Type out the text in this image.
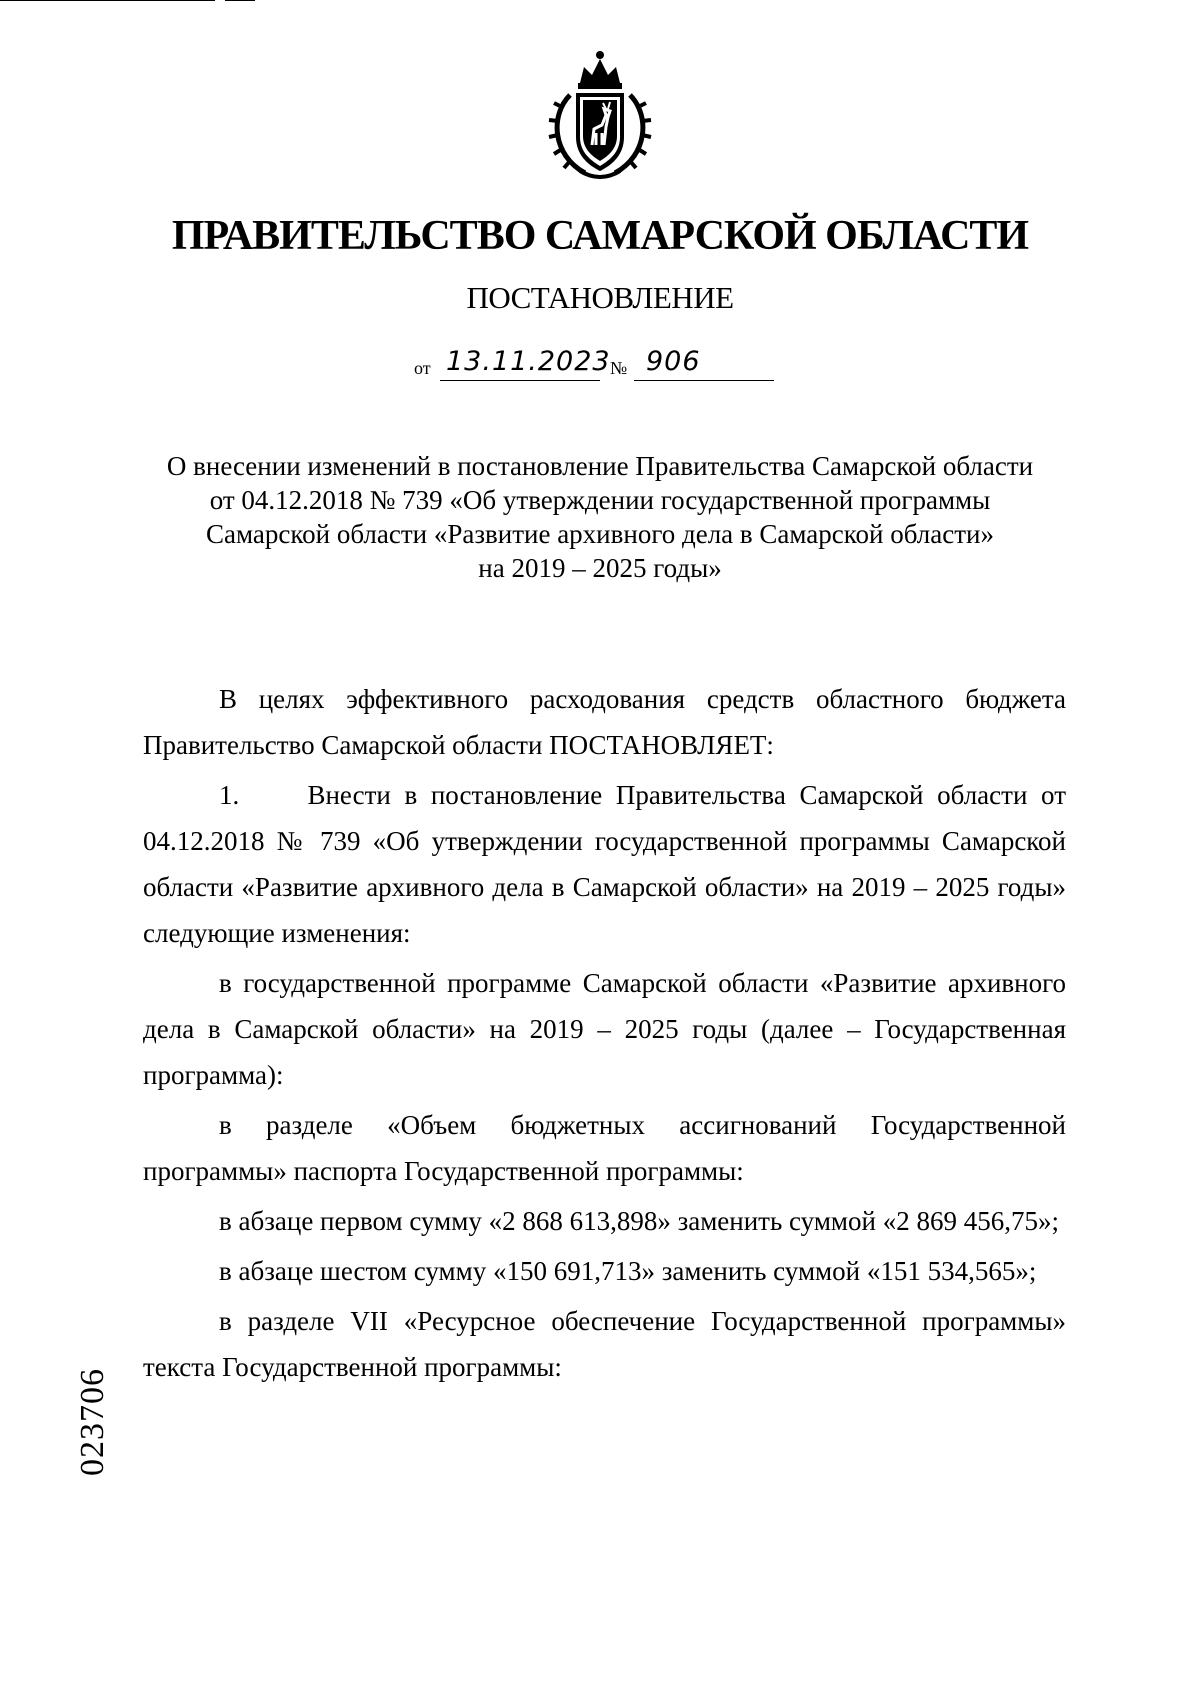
ПРАВИТЕЛЬСТВО САМАРСКОЙ ОБЛАСТИ
ПОСТАНОВЛЕНИЕ
от 13.11.2023 № 906
О внесении изменений в постановление Правительства Самарской области
от 04.12.2018 № 739 «Об утверждении государственной программы
Самарской области «Развитие архивного дела в Самарской области»
на 2019 – 2025 годы»

В целях эффективного расходования средств областного бюджета Правительство Самарской области ПОСТАНОВЛЯЕТ:

1.     Внести в постановление Правительства Самарской области от 04.12.2018 № 739 «Об утверждении государственной программы Самарской области «Развитие архивного дела в Самарской области» на 2019 – 2025 годы» следующие изменения:

в государственной программе Самарской области «Развитие архивного дела в Самарской области» на 2019 – 2025 годы (далее – Государственная программа):

в разделе «Объем бюджетных ассигнований Государственной программы» паспорта Государственной программы:

в абзаце первом сумму «2 868 613,898» заменить суммой «2 869 456,75»;

в абзаце шестом сумму «150 691,713» заменить суммой «151 534,565»;

в разделе VII «Ресурсное обеспечение Государственной программы» текста Государственной программы:

023706
